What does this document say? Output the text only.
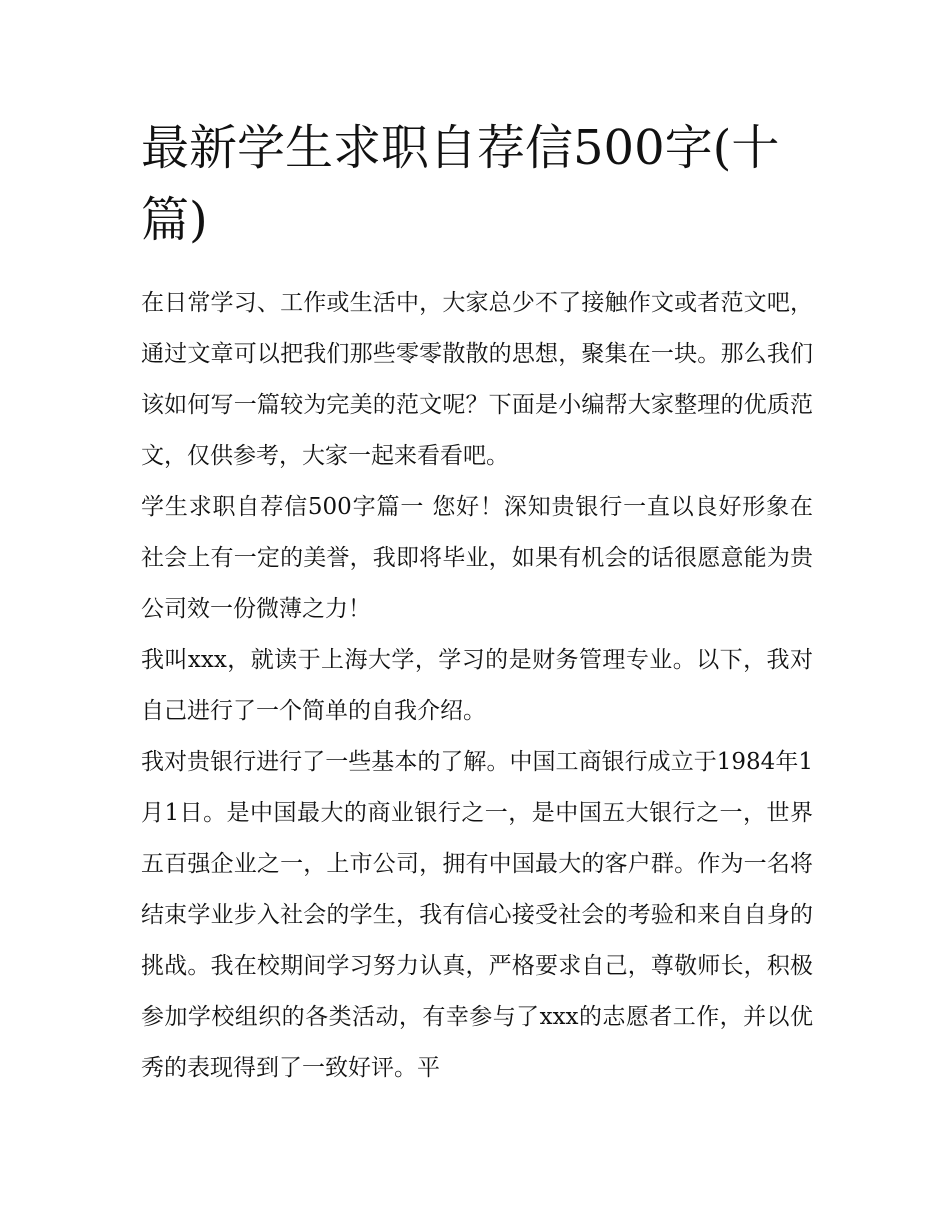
最新学生求职自荐信500字(十篇)

在日常学习、工作或生活中，大家总少不了接触作文或者范文吧，通过文章可以把我们那些零零散散的思想，聚集在一块。那么我们该如何写一篇较为完美的范文呢？下面是小编帮大家整理的优质范文，仅供参考，大家一起来看看吧。

学生求职自荐信500字篇一 您好！深知贵银行一直以良好形象在社会上有一定的美誉，我即将毕业，如果有机会的话很愿意能为贵公司效一份微薄之力！

我叫xxx，就读于上海大学，学习的是财务管理专业。以下，我对自己进行了一个简单的自我介绍。

我对贵银行进行了一些基本的了解。中国工商银行成立于1984年1月1日。是中国最大的商业银行之一，是中国五大银行之一，世界五百强企业之一，上市公司，拥有中国最大的客户群。作为一名将结束学业步入社会的学生，我有信心接受社会的考验和来自自身的挑战。我在校期间学习努力认真，严格要求自己，尊敬师长，积极参加学校组织的各类活动，有幸参与了xxx的志愿者工作，并以优秀的表现得到了一致好评。平
